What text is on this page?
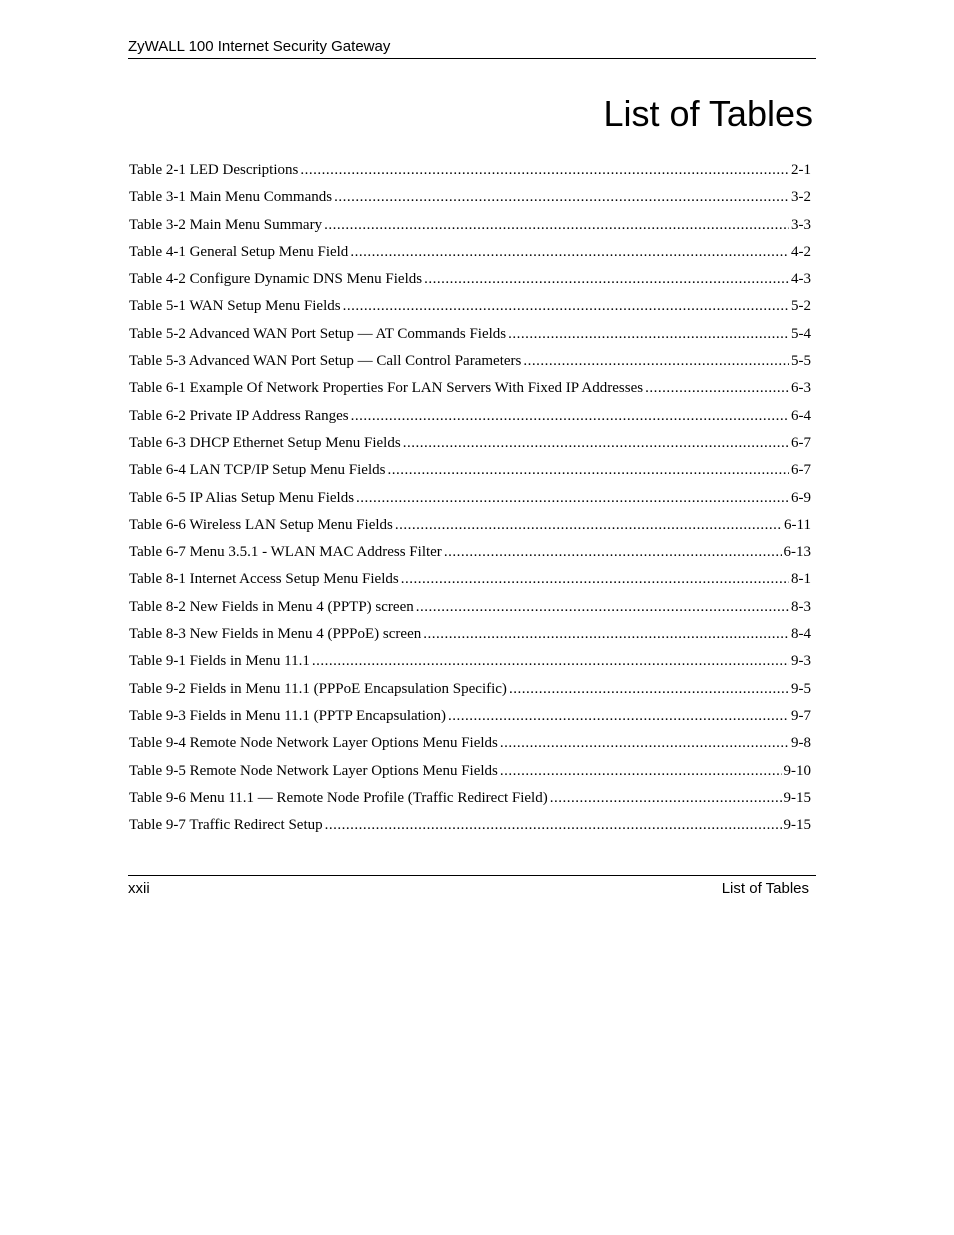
ZyWALL 100 Internet Security Gateway
List of Tables
Table 2-1 LED Descriptions .....	2-1
Table 3-1 Main Menu Commands .....	3-2
Table 3-2 Main Menu Summary .....	3-3
Table 4-1 General Setup Menu Field .....	4-2
Table 4-2 Configure Dynamic DNS Menu Fields .....	4-3
Table 5-1 WAN Setup Menu Fields .....	5-2
Table 5-2 Advanced WAN Port Setup — AT Commands Fields .....	5-4
Table 5-3 Advanced WAN Port Setup — Call Control Parameters .....	5-5
Table 6-1 Example Of Network Properties For LAN Servers With Fixed IP Addresses .....	6-3
Table 6-2 Private IP Address Ranges .....	6-4
Table 6-3 DHCP Ethernet Setup Menu Fields .....	6-7
Table 6-4 LAN TCP/IP Setup Menu Fields .....	6-7
Table 6-5 IP Alias Setup Menu Fields .....	6-9
Table 6-6 Wireless LAN Setup Menu Fields .....	6-11
Table 6-7 Menu 3.5.1 - WLAN MAC Address Filter .....	6-13
Table 8-1 Internet Access Setup Menu Fields .....	8-1
Table 8-2 New Fields in Menu 4 (PPTP) screen .....	8-3
Table 8-3 New Fields in Menu 4 (PPPoE) screen .....	8-4
Table 9-1 Fields in Menu 11.1 .....	9-3
Table 9-2 Fields in Menu 11.1 (PPPoE Encapsulation Specific) .....	9-5
Table 9-3 Fields in Menu 11.1 (PPTP Encapsulation) .....	9-7
Table 9-4 Remote Node Network Layer Options Menu Fields .....	9-8
Table 9-5 Remote Node Network Layer Options Menu Fields .....	9-10
Table 9-6 Menu 11.1 — Remote Node Profile (Traffic Redirect Field) .....	9-15
Table 9-7 Traffic Redirect Setup .....	9-15
xxii	List of Tables
